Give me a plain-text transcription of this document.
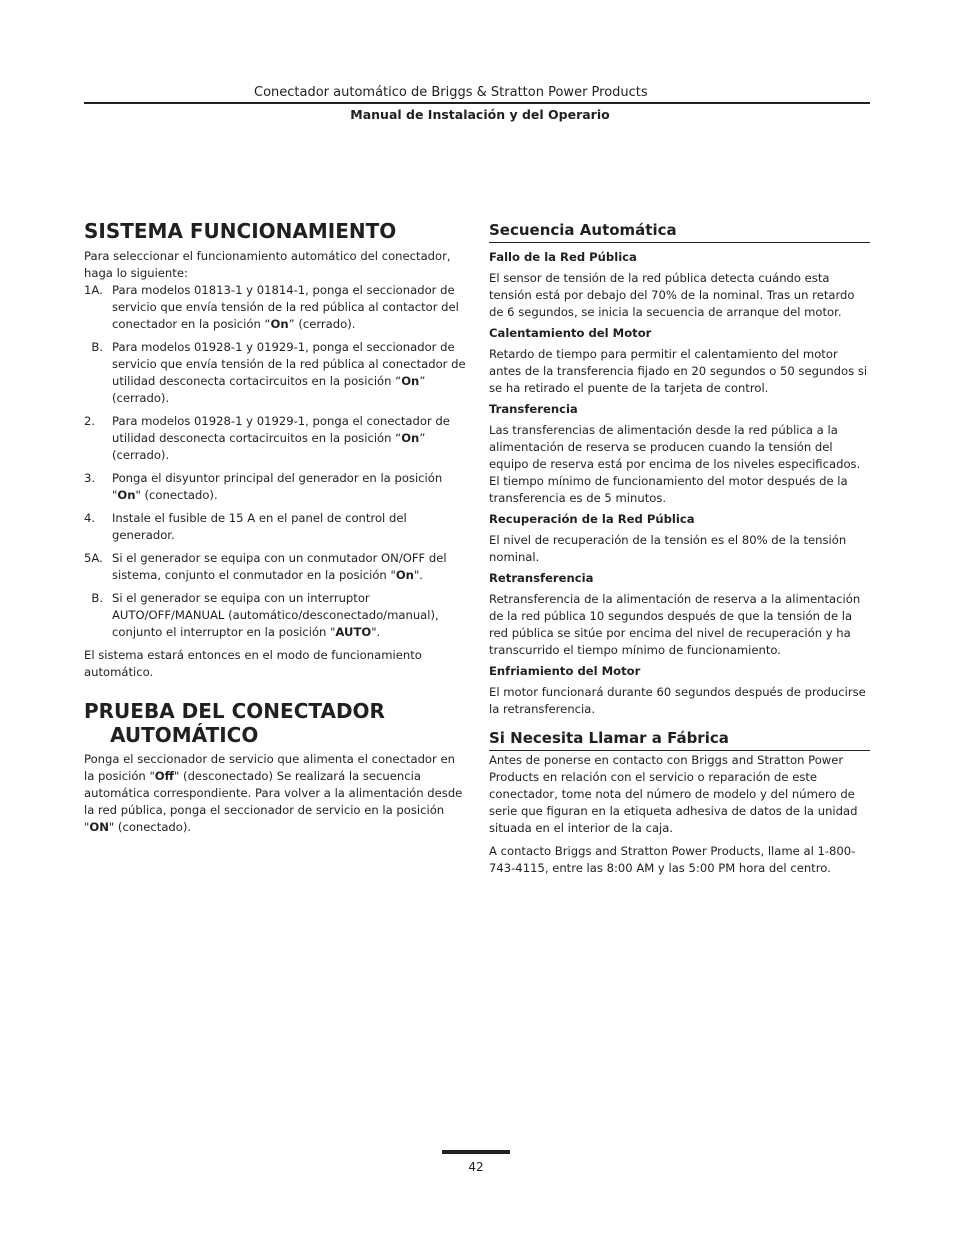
Conectador automático de Briggs & Stratton Power Products
Manual de Instalación y del Operario
SISTEMA FUNCIONAMIENTO

Para seleccionar el funcionamiento automático del conectador, haga lo siguiente:

1A. Para modelos 01813-1 y 01814-1, ponga el seccionador de servicio que envía tensión de la red pública al contactor del conectador en la posición “On” (cerrado).
B. Para modelos 01928-1 y 01929-1, ponga el seccionador de servicio que envía tensión de la red pública al conectador de utilidad desconecta cortacircuitos en la posición “On” (cerrado).
2.	Para modelos 01928-1 y 01929-1, ponga el conectador de utilidad desconecta cortacircuitos en la posición “On” (cerrado).
3.	Ponga el disyuntor principal del generador en la posición "On" (conectado).
4.	Instale el fusible de 15 A en el panel de control del generador.
5A. Si el generador se equipa con un conmutador ON/OFF del sistema, conjunto el conmutador en la posición "On".
B. Si el generador se equipa con un interruptor AUTO/OFF/MANUAL (automático/desconectado/manual), conjunto el interruptor en la posición "AUTO".

El sistema estará entonces en el modo de funcionamiento automático.

PRUEBA DEL CONECTADOR AUTOMÁTICO

Ponga el seccionador de servicio que alimenta el conectador en la posición "Off" (desconectado) Se realizará la secuencia automática correspondiente. Para volver a la alimentación desde la red pública, ponga el seccionador de servicio en la posición "ON" (conectado).

Secuencia Automática
Fallo de la Red Pública

El sensor de tensión de la red pública detecta cuándo esta tensión está por debajo del 70% de la nominal. Tras un retardo de 6 segundos, se inicia la secuencia de arranque del motor.

Calentamiento del Motor

Retardo de tiempo para permitir el calentamiento del motor antes de la transferencia fijado en 20 segundos o 50 segundos si se ha retirado el puente de la tarjeta de control.

Transferencia

Las transferencias de alimentación desde la red pública a la alimentación de reserva se producen cuando la tensión del equipo de reserva está por encima de los niveles especificados. El tiempo mínimo de funcionamiento del motor después de la transferencia es de 5 minutos.

Recuperación de la Red Pública

El nivel de recuperación de la tensión es el 80% de la tensión nominal.

Retransferencia

Retransferencia de la alimentación de reserva a la alimentación de la red pública 10 segundos después de que la tensión de la red pública se sitúe por encima del nivel de recuperación y ha transcurrido el tiempo mínimo de funcionamiento.

Enfriamiento del Motor

El motor funcionará durante 60 segundos después de producirse la retransferencia.

Si Necesita Llamar a Fábrica

Antes de ponerse en contacto con Briggs and Stratton Power Products en relación con el servicio o reparación de este conectador, tome nota del número de modelo y del número de serie que figuran en la etiqueta adhesiva de datos de la unidad situada en el interior de la caja.

A contacto Briggs and Stratton Power Products, llame al 1-800-743-4115, entre las 8:00 AM y las 5:00 PM hora del centro.

42
